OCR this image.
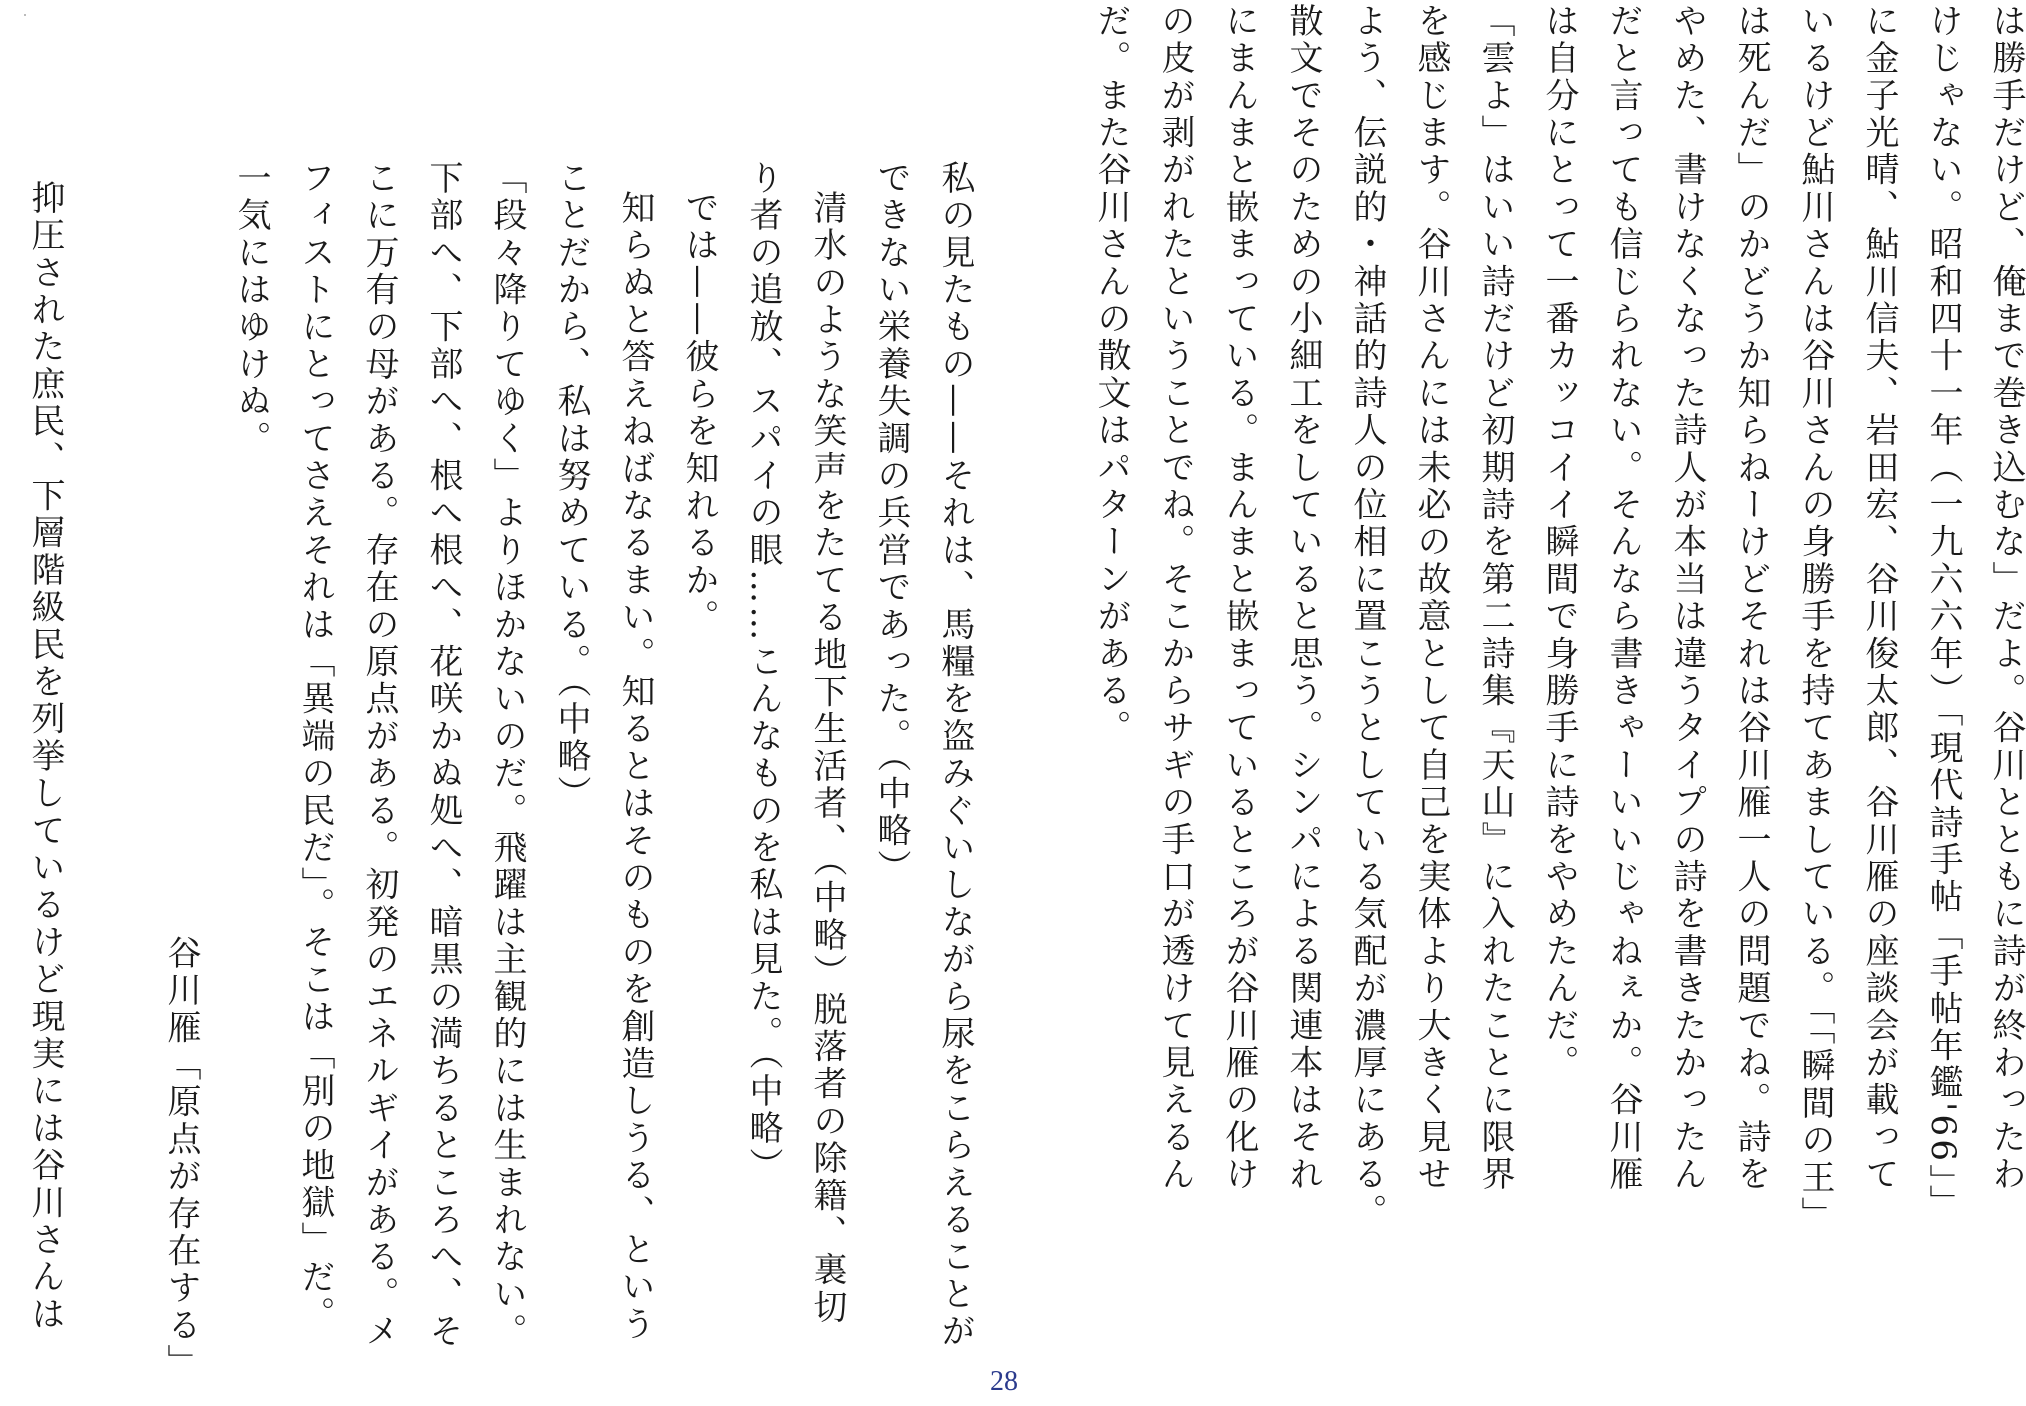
は勝手だけど、俺まで巻き込むな」だよ。谷川とともに詩が終わったわ

けじゃない。昭和四十一年（一九六六年）「現代詩手帖「手帖年鑑'66」」

に金子光晴、鮎川信夫、岩田宏、谷川俊太郎、谷川雁の座談会が載って

いるけど鮎川さんは谷川さんの身勝手を持てあましている。「「瞬間の王」

は死んだ」のかどうか知らねーけどそれは谷川雁一人の問題でね。詩を

やめた、書けなくなった詩人が本当は違うタイプの詩を書きたかったん

だと言っても信じられない。そんなら書きゃーいいじゃねぇか。谷川雁

は自分にとって一番カッコイイ瞬間で身勝手に詩をやめたんだ。

「雲よ」はいい詩だけど初期詩を第二詩集『天山』に入れたことに限界

を感じます。谷川さんには未必の故意として自己を実体より大きく見せ

よう、伝説的・神話的詩人の位相に置こうとしている気配が濃厚にある。

散文でそのための小細工をしていると思う。シンパによる関連本はそれ

にまんまと嵌まっている。まんまと嵌まっているところが谷川雁の化け

の皮が剥がれたということでね。そこからサギの手口が透けて見えるん

だ。また谷川さんの散文はパターンがある。

私の見たもの——それは、馬糧を盗みぐいしながら尿をこらえることが

できない栄養失調の兵営であった。（中略）

清水のような笑声をたてる地下生活者、（中略）脱落者の除籍、裏切

り者の追放、スパイの眼……こんなものを私は見た。（中略）

では——彼らを知れるか。

知らぬと答えねばなるまい。知るとはそのものを創造しうる、という

ことだから、私は努めている。（中略）

「段々降りてゆく」よりほかないのだ。飛躍は主観的には生まれない。

下部へ、下部へ、根へ根へ、花咲かぬ処へ、暗黒の満ちるところへ、そ

こに万有の母がある。存在の原点がある。初発のエネルギイがある。メ

フィストにとってさえそれは「異端の民だ」。そこは「別の地獄」だ。

一気にはゆけぬ。

谷川雁「原点が存在する」

抑圧された庶民、下層階級民を列挙しているけど現実には谷川さんは

28
